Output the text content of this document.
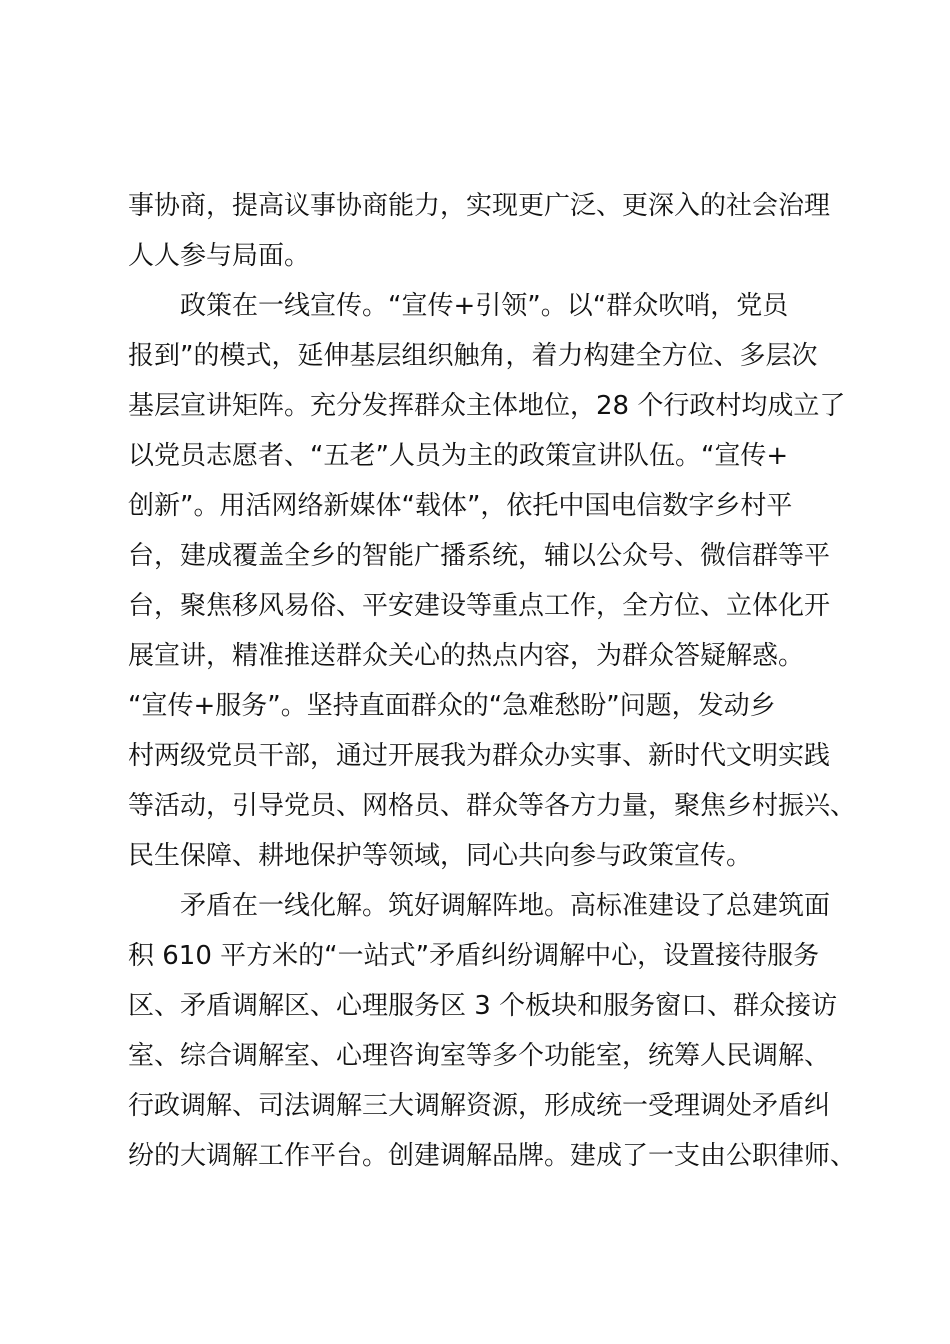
事协商，提高议事协商能力，实现更广泛、更深入的社会治理
人人参与局面。
　　政策在一线宣传。“宣传+引领”。以“群众吹哨，党员
报到”的模式，延伸基层组织触角，着力构建全方位、多层次
基层宣讲矩阵。充分发挥群众主体地位，28 个行政村均成立了
以党员志愿者、“五老”人员为主的政策宣讲队伍。“宣传+
创新”。用活网络新媒体“载体”，依托中国电信数字乡村平
台，建成覆盖全乡的智能广播系统，辅以公众号、微信群等平
台，聚焦移风易俗、平安建设等重点工作，全方位、立体化开
展宣讲，精准推送群众关心的热点内容，为群众答疑解惑。
“宣传+服务”。坚持直面群众的“急难愁盼”问题，发动乡
村两级党员干部，通过开展我为群众办实事、新时代文明实践
等活动，引导党员、网格员、群众等各方力量，聚焦乡村振兴、
民生保障、耕地保护等领域，同心共向参与政策宣传。
　　矛盾在一线化解。筑好调解阵地。高标准建设了总建筑面
积 610 平方米的“一站式”矛盾纠纷调解中心，设置接待服务
区、矛盾调解区、心理服务区 3 个板块和服务窗口、群众接访
室、综合调解室、心理咨询室等多个功能室，统筹人民调解、
行政调解、司法调解三大调解资源，形成统一受理调处矛盾纠
纷的大调解工作平台。创建调解品牌。建成了一支由公职律师、
